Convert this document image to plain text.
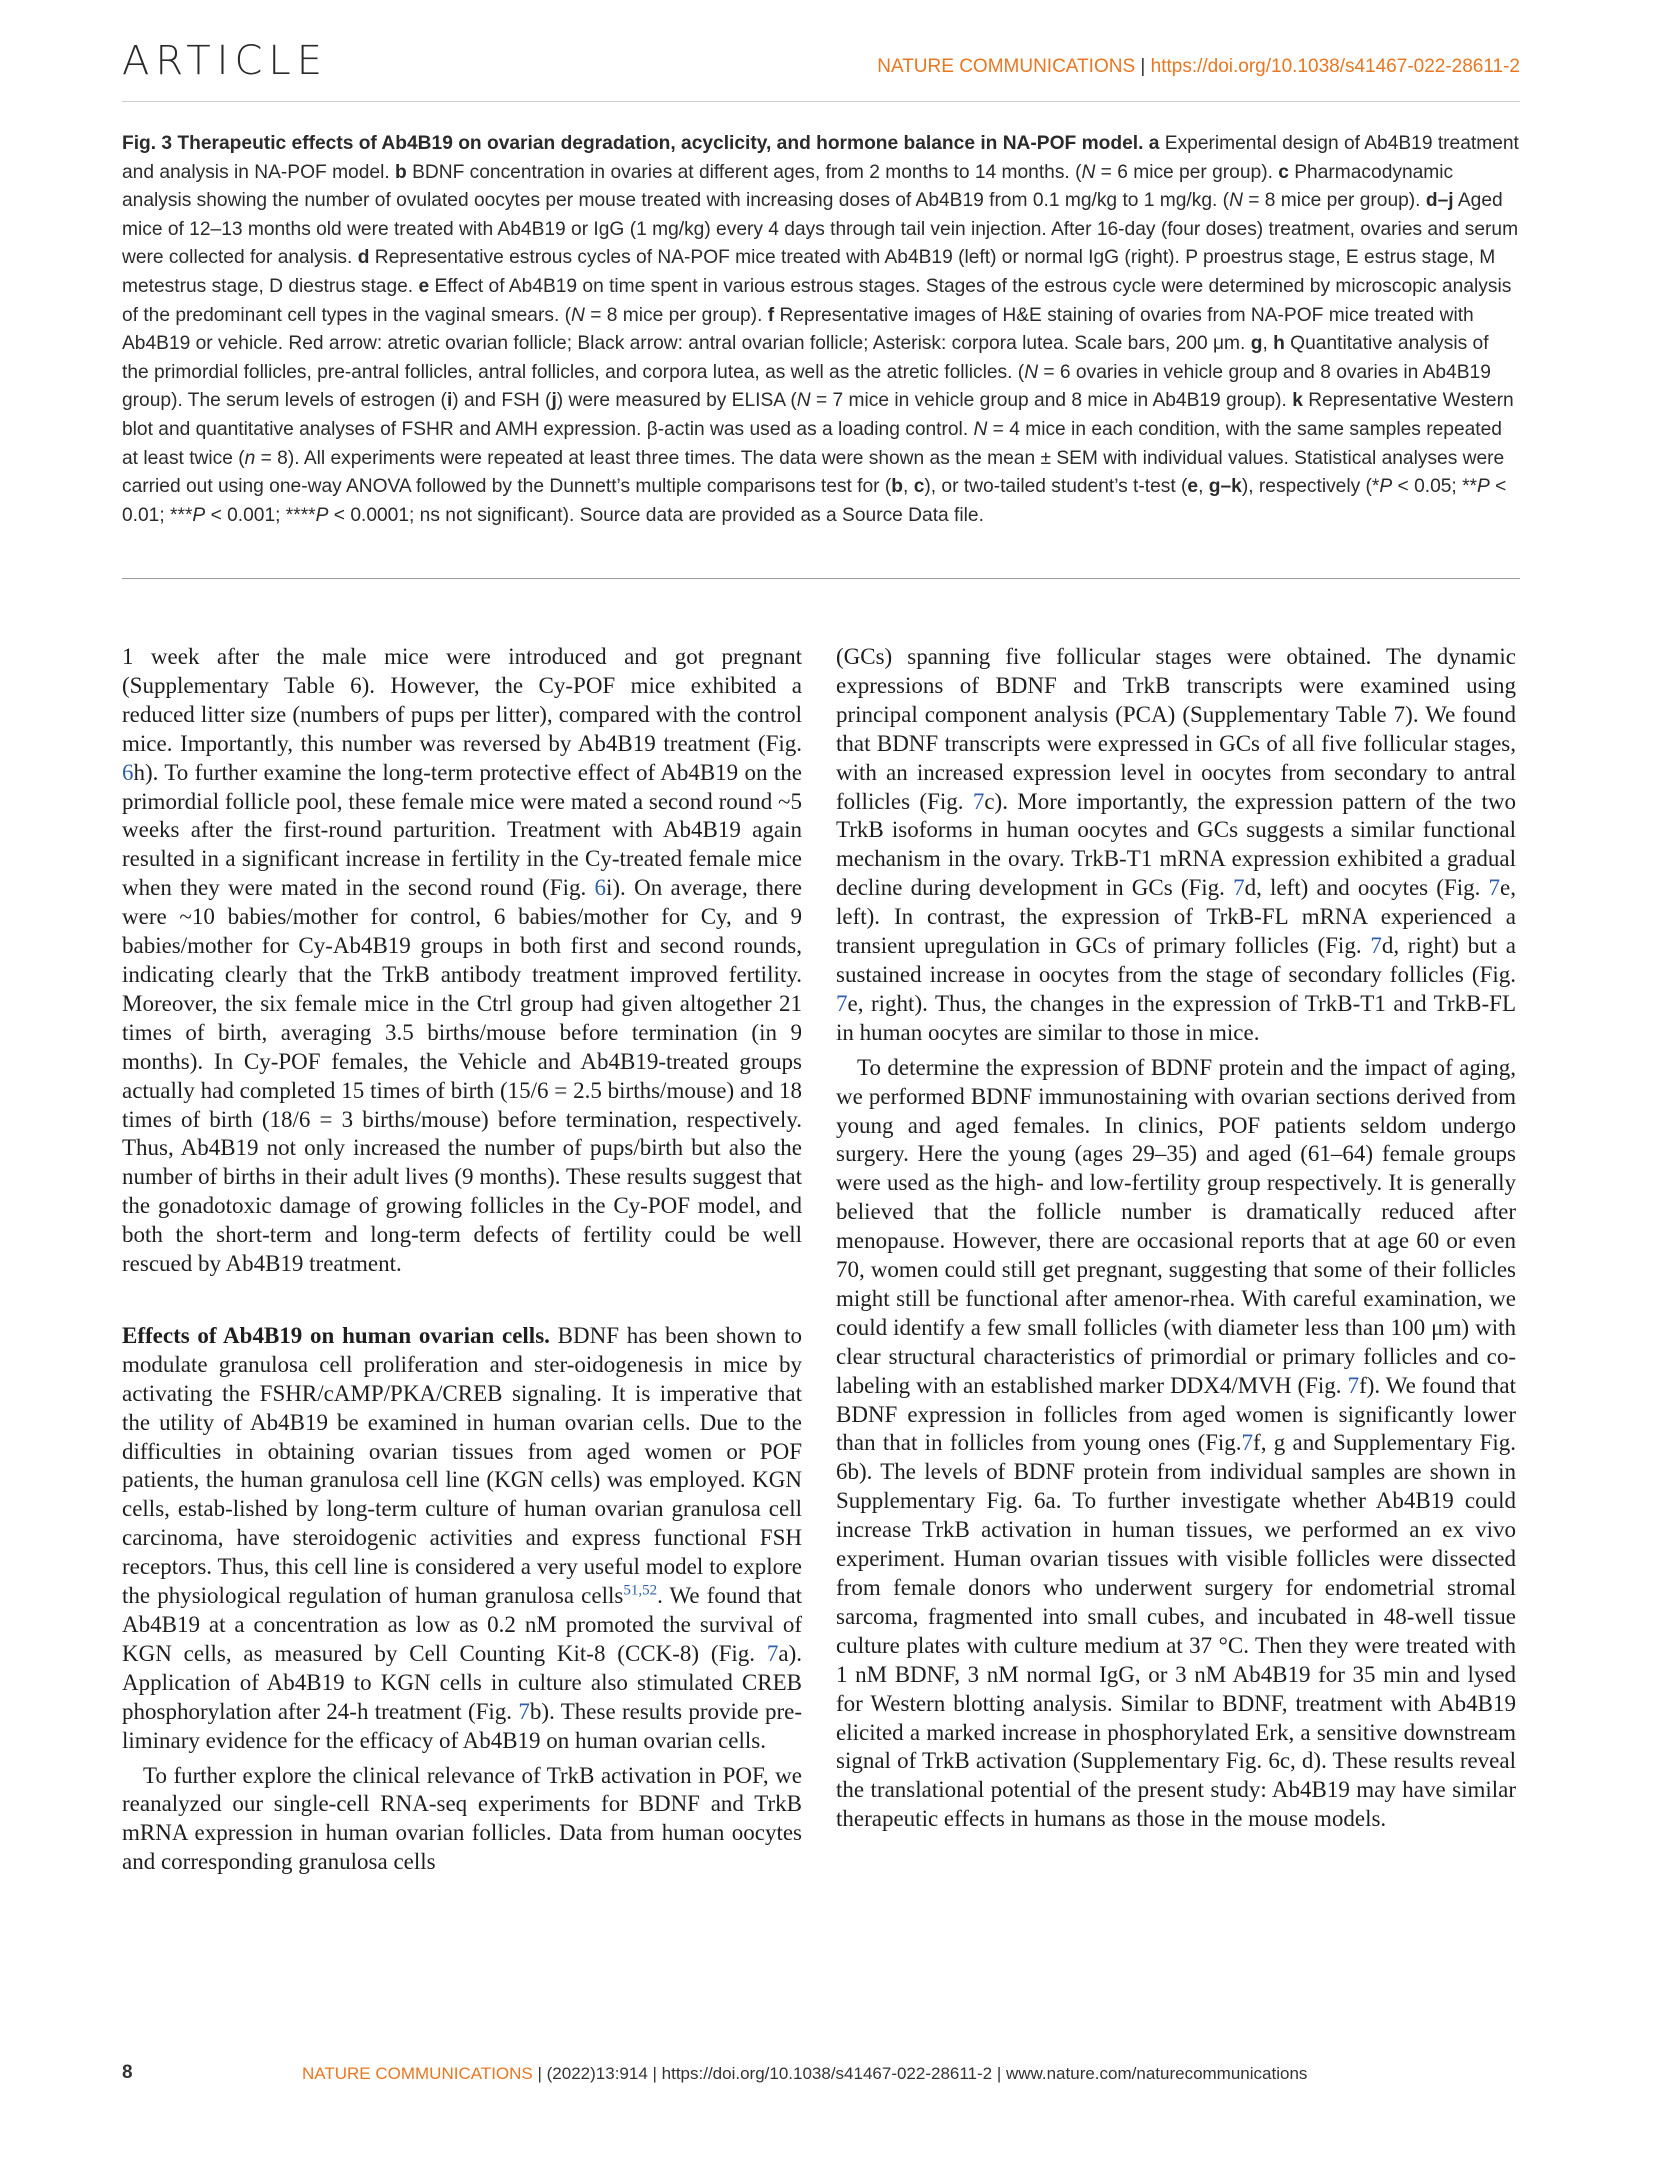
ARTICLE	NATURE COMMUNICATIONS | https://doi.org/10.1038/s41467-022-28611-2
Fig. 3 Therapeutic effects of Ab4B19 on ovarian degradation, acyclicity, and hormone balance in NA-POF model. a Experimental design of Ab4B19 treatment and analysis in NA-POF model. b BDNF concentration in ovaries at different ages, from 2 months to 14 months. (N = 6 mice per group). c Pharmacodynamic analysis showing the number of ovulated oocytes per mouse treated with increasing doses of Ab4B19 from 0.1 mg/kg to 1 mg/kg. (N = 8 mice per group). d–j Aged mice of 12–13 months old were treated with Ab4B19 or IgG (1 mg/kg) every 4 days through tail vein injection. After 16-day (four doses) treatment, ovaries and serum were collected for analysis. d Representative estrous cycles of NA-POF mice treated with Ab4B19 (left) or normal IgG (right). P proestrus stage, E estrus stage, M metestrus stage, D diestrus stage. e Effect of Ab4B19 on time spent in various estrous stages. Stages of the estrous cycle were determined by microscopic analysis of the predominant cell types in the vaginal smears. (N = 8 mice per group). f Representative images of H&E staining of ovaries from NA-POF mice treated with Ab4B19 or vehicle. Red arrow: atretic ovarian follicle; Black arrow: antral ovarian follicle; Asterisk: corpora lutea. Scale bars, 200 μm. g, h Quantitative analysis of the primordial follicles, pre-antral follicles, antral follicles, and corpora lutea, as well as the atretic follicles. (N = 6 ovaries in vehicle group and 8 ovaries in Ab4B19 group). The serum levels of estrogen (i) and FSH (j) were measured by ELISA (N = 7 mice in vehicle group and 8 mice in Ab4B19 group). k Representative Western blot and quantitative analyses of FSHR and AMH expression. β-actin was used as a loading control. N = 4 mice in each condition, with the same samples repeated at least twice (n = 8). All experiments were repeated at least three times. The data were shown as the mean ± SEM with individual values. Statistical analyses were carried out using one-way ANOVA followed by the Dunnett’s multiple comparisons test for (b, c), or two-tailed student’s t-test (e, g–k), respectively (*P < 0.05; **P < 0.01; ***P < 0.001; ****P < 0.0001; ns not significant). Source data are provided as a Source Data file.

1 week after the male mice were introduced and got pregnant (Supplementary Table 6). However, the Cy-POF mice exhibited a reduced litter size (numbers of pups per litter), compared with the control mice. Importantly, this number was reversed by Ab4B19 treatment (Fig. 6h). To further examine the long-term protective effect of Ab4B19 on the primordial follicle pool, these female mice were mated a second round ~5 weeks after the first-round parturition. Treatment with Ab4B19 again resulted in a significant increase in fertility in the Cy-treated female mice when they were mated in the second round (Fig. 6i). On average, there were ~10 babies/mother for control, 6 babies/mother for Cy, and 9 babies/mother for Cy-Ab4B19 groups in both first and second rounds, indicating clearly that the TrkB antibody treatment improved fertility. Moreover, the six female mice in the Ctrl group had given altogether 21 times of birth, averaging 3.5 births/mouse before termination (in 9 months). In Cy-POF females, the Vehicle and Ab4B19-treated groups actually had completed 15 times of birth (15/6 = 2.5 births/mouse) and 18 times of birth (18/6 = 3 births/mouse) before termination, respectively. Thus, Ab4B19 not only increased the number of pups/birth but also the number of births in their adult lives (9 months). These results suggest that the gonadotoxic damage of growing follicles in the Cy-POF model, and both the short-term and long-term defects of fertility could be well rescued by Ab4B19 treatment.

Effects of Ab4B19 on human ovarian cells. BDNF has been shown to modulate granulosa cell proliferation and ster-oidogenesis in mice by activating the FSHR/cAMP/PKA/CREB signaling. It is imperative that the utility of Ab4B19 be examined in human ovarian cells. Due to the difficulties in obtaining ovarian tissues from aged women or POF patients, the human granulosa cell line (KGN cells) was employed. KGN cells, estab-lished by long-term culture of human ovarian granulosa cell carcinoma, have steroidogenic activities and express functional FSH receptors. Thus, this cell line is considered a very useful model to explore the physiological regulation of human granulosa cells$^{51,52}$. We found that Ab4B19 at a concentration as low as 0.2 nM promoted the survival of KGN cells, as measured by Cell Counting Kit-8 (CCK-8) (Fig. 7a). Application of Ab4B19 to KGN cells in culture also stimulated CREB phosphorylation after 24-h treatment (Fig. 7b). These results provide pre-liminary evidence for the efficacy of Ab4B19 on human ovarian cells.

To further explore the clinical relevance of TrkB activation in POF, we reanalyzed our single-cell RNA-seq experiments for BDNF and TrkB mRNA expression in human ovarian follicles. Data from human oocytes and corresponding granulosa cells

(GCs) spanning five follicular stages were obtained. The dynamic expressions of BDNF and TrkB transcripts were examined using principal component analysis (PCA) (Supplementary Table 7). We found that BDNF transcripts were expressed in GCs of all five follicular stages, with an increased expression level in oocytes from secondary to antral follicles (Fig. 7c). More importantly, the expression pattern of the two TrkB isoforms in human oocytes and GCs suggests a similar functional mechanism in the ovary. TrkB-T1 mRNA expression exhibited a gradual decline during development in GCs (Fig. 7d, left) and oocytes (Fig. 7e, left). In contrast, the expression of TrkB-FL mRNA experienced a transient upregulation in GCs of primary follicles (Fig. 7d, right) but a sustained increase in oocytes from the stage of secondary follicles (Fig. 7e, right). Thus, the changes in the expression of TrkB-T1 and TrkB-FL in human oocytes are similar to those in mice.

To determine the expression of BDNF protein and the impact of aging, we performed BDNF immunostaining with ovarian sections derived from young and aged females. In clinics, POF patients seldom undergo surgery. Here the young (ages 29–35) and aged (61–64) female groups were used as the high- and low-fertility group respectively. It is generally believed that the follicle number is dramatically reduced after menopause. However, there are occasional reports that at age 60 or even 70, women could still get pregnant, suggesting that some of their follicles might still be functional after amenor-rhea. With careful examination, we could identify a few small follicles (with diameter less than 100 μm) with clear structural characteristics of primordial or primary follicles and co-labeling with an established marker DDX4/MVH (Fig. 7f). We found that BDNF expression in follicles from aged women is significantly lower than that in follicles from young ones (Fig.7f, g and Supplementary Fig. 6b). The levels of BDNF protein from individual samples are shown in Supplementary Fig. 6a. To further investigate whether Ab4B19 could increase TrkB activation in human tissues, we performed an ex vivo experiment. Human ovarian tissues with visible follicles were dissected from female donors who underwent surgery for endometrial stromal sarcoma, fragmented into small cubes, and incubated in 48-well tissue culture plates with culture medium at 37 °C. Then they were treated with 1 nM BDNF, 3 nM normal IgG, or 3 nM Ab4B19 for 35 min and lysed for Western blotting analysis. Similar to BDNF, treatment with Ab4B19 elicited a marked increase in phosphorylated Erk, a sensitive downstream signal of TrkB activation (Supplementary Fig. 6c, d). These results reveal the translational potential of the present study: Ab4B19 may have similar therapeutic effects in humans as those in the mouse models.

8	NATURE COMMUNICATIONS | (2022)13:914 | https://doi.org/10.1038/s41467-022-28611-2 | www.nature.com/naturecommunications
